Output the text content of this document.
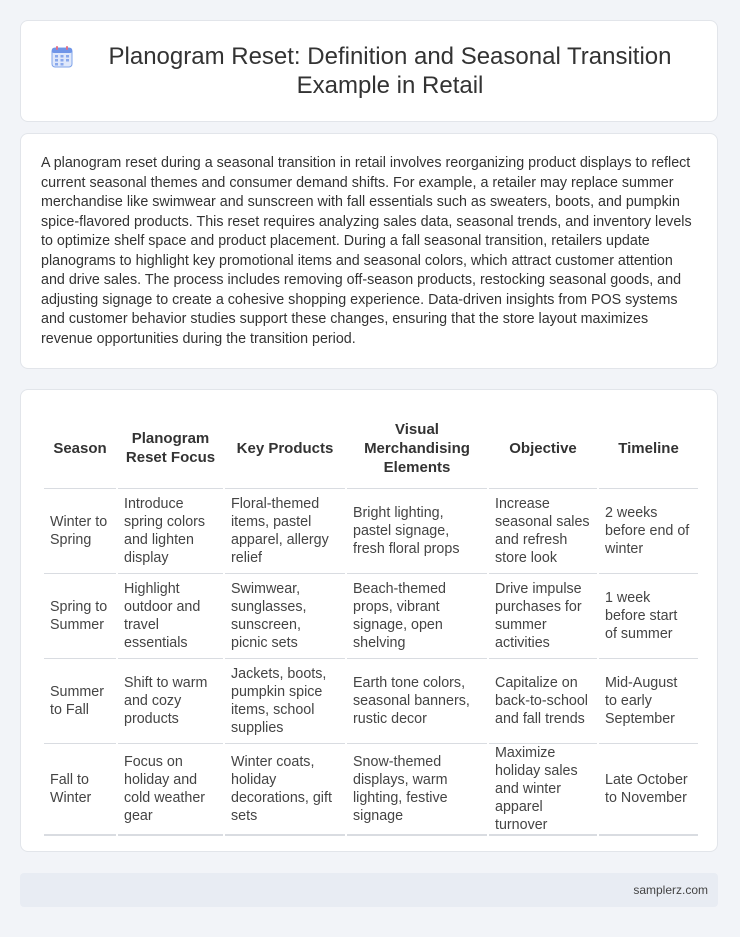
Planogram Reset: Definition and Seasonal Transition Example in Retail

A planogram reset during a seasonal transition in retail involves reorganizing product displays to reflect current seasonal themes and consumer demand shifts. For example, a retailer may replace summer merchandise like swimwear and sunscreen with fall essentials such as sweaters, boots, and pumpkin spice-flavored products. This reset requires analyzing sales data, seasonal trends, and inventory levels to optimize shelf space and product placement. During a fall seasonal transition, retailers update planograms to highlight key promotional items and seasonal colors, which attract customer attention and drive sales. The process includes removing off-season products, restocking seasonal goods, and adjusting signage to create a cohesive shopping experience. Data-driven insights from POS systems and customer behavior studies support these changes, ensuring that the store layout maximizes revenue opportunities during the transition period.

Season	Planogram Reset Focus	Key Products	Visual Merchandising Elements	Objective	Timeline
Winter to Spring	Introduce spring colors and lighten display	Floral-themed items, pastel apparel, allergy relief	Bright lighting, pastel signage, fresh floral props	Increase seasonal sales and refresh store look	2 weeks before end of winter
Spring to Summer	Highlight outdoor and travel essentials	Swimwear, sunglasses, sunscreen, picnic sets	Beach-themed props, vibrant signage, open shelving	Drive impulse purchases for summer activities	1 week before start of summer
Summer to Fall	Shift to warm and cozy products	Jackets, boots, pumpkin spice items, school supplies	Earth tone colors, seasonal banners, rustic decor	Capitalize on back-to-school and fall trends	Mid-August to early September
Fall to Winter	Focus on holiday and cold weather gear	Winter coats, holiday decorations, gift sets	Snow-themed displays, warm lighting, festive signage	Maximize holiday sales and winter apparel turnover	Late October to November
samplerz.com
